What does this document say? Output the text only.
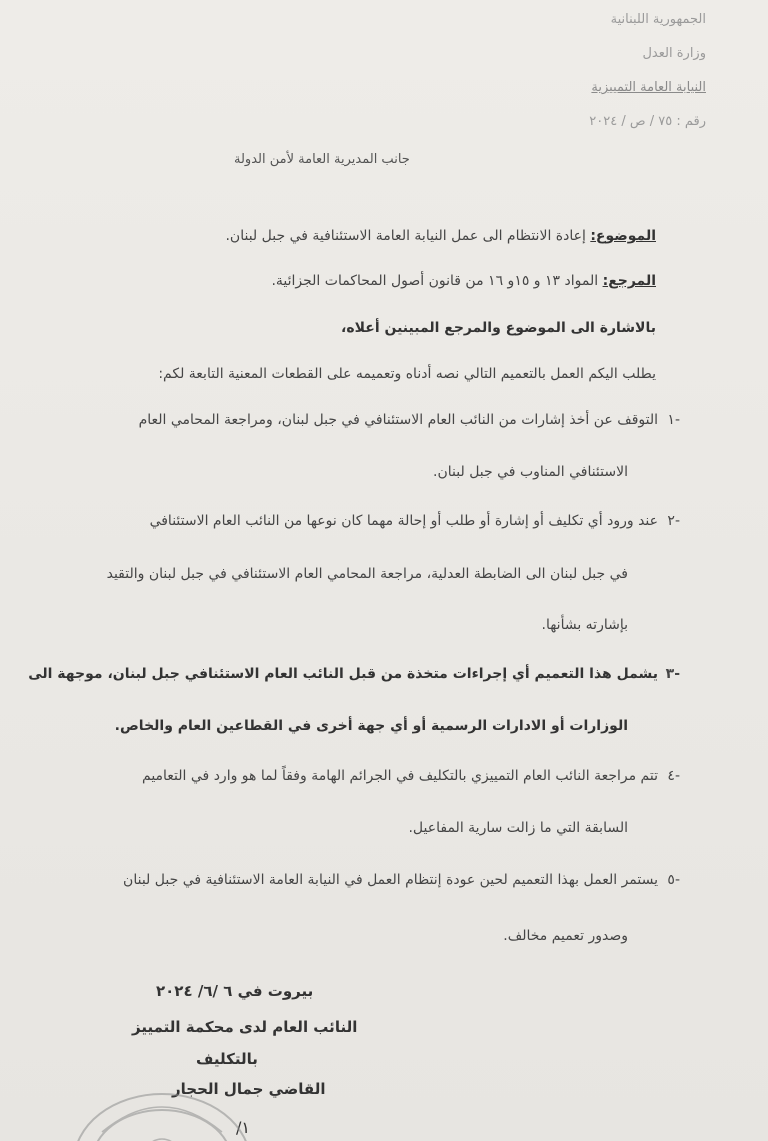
الجمهورية اللبنانية
وزارة العدل
النيابة العامة التمييزية
رقم : ٧٥ / ص / ٢٠٢٤
جانب المديرية العامة لأمن الدولة
الموضوع: إعادة الانتظام الى عمل النيابة العامة الاستئنافية في جبل لبنان.
المرجع: المواد ١٣ و ١٥و ١٦ من قانون أصول المحاكمات الجزائية.
بالاشارة الى الموضوع والمرجع المبينين أعلاه،
يطلب اليكم العمل بالتعميم التالي نصه أدناه وتعميمه على القطعات المعنية التابعة لكم:
١-
التوقف عن أخذ إشارات من النائب العام الاستئنافي في جبل لبنان، ومراجعة المحامي العام
الاستئنافي المناوب في جبل لبنان.
٢-
عند ورود أي تكليف أو إشارة أو طلب أو إحالة مهما كان نوعها من النائب العام الاستئنافي
في جبل لبنان الى الضابطة العدلية، مراجعة المحامي العام الاستئنافي في جبل لبنان والتقيد
بإشارته بشأنها.
٣-
يشمل هذا التعميم أي إجراءات متخذة من قبل النائب العام الاستئنافي جبل لبنان، موجهة الى
الوزارات أو الادارات الرسمية أو أي جهة أخرى في القطاعين العام والخاص.
٤-
تتم مراجعة النائب العام التمييزي بالتكليف في الجرائم الهامة وفقاً لما هو وارد في التعاميم
السابقة التي ما زالت سارية المفاعيل.
٥-
يستمر العمل بهذا التعميم لحين عودة إنتظام العمل في النيابة العامة الاستئنافية في جبل لبنان
وصدور تعميم مخالف.
بيروت في ٦ /٦/ ٢٠٢٤
النائب العام لدى محكمة التمييز
بالتكليف
القاضي جمال الحجار
/١
